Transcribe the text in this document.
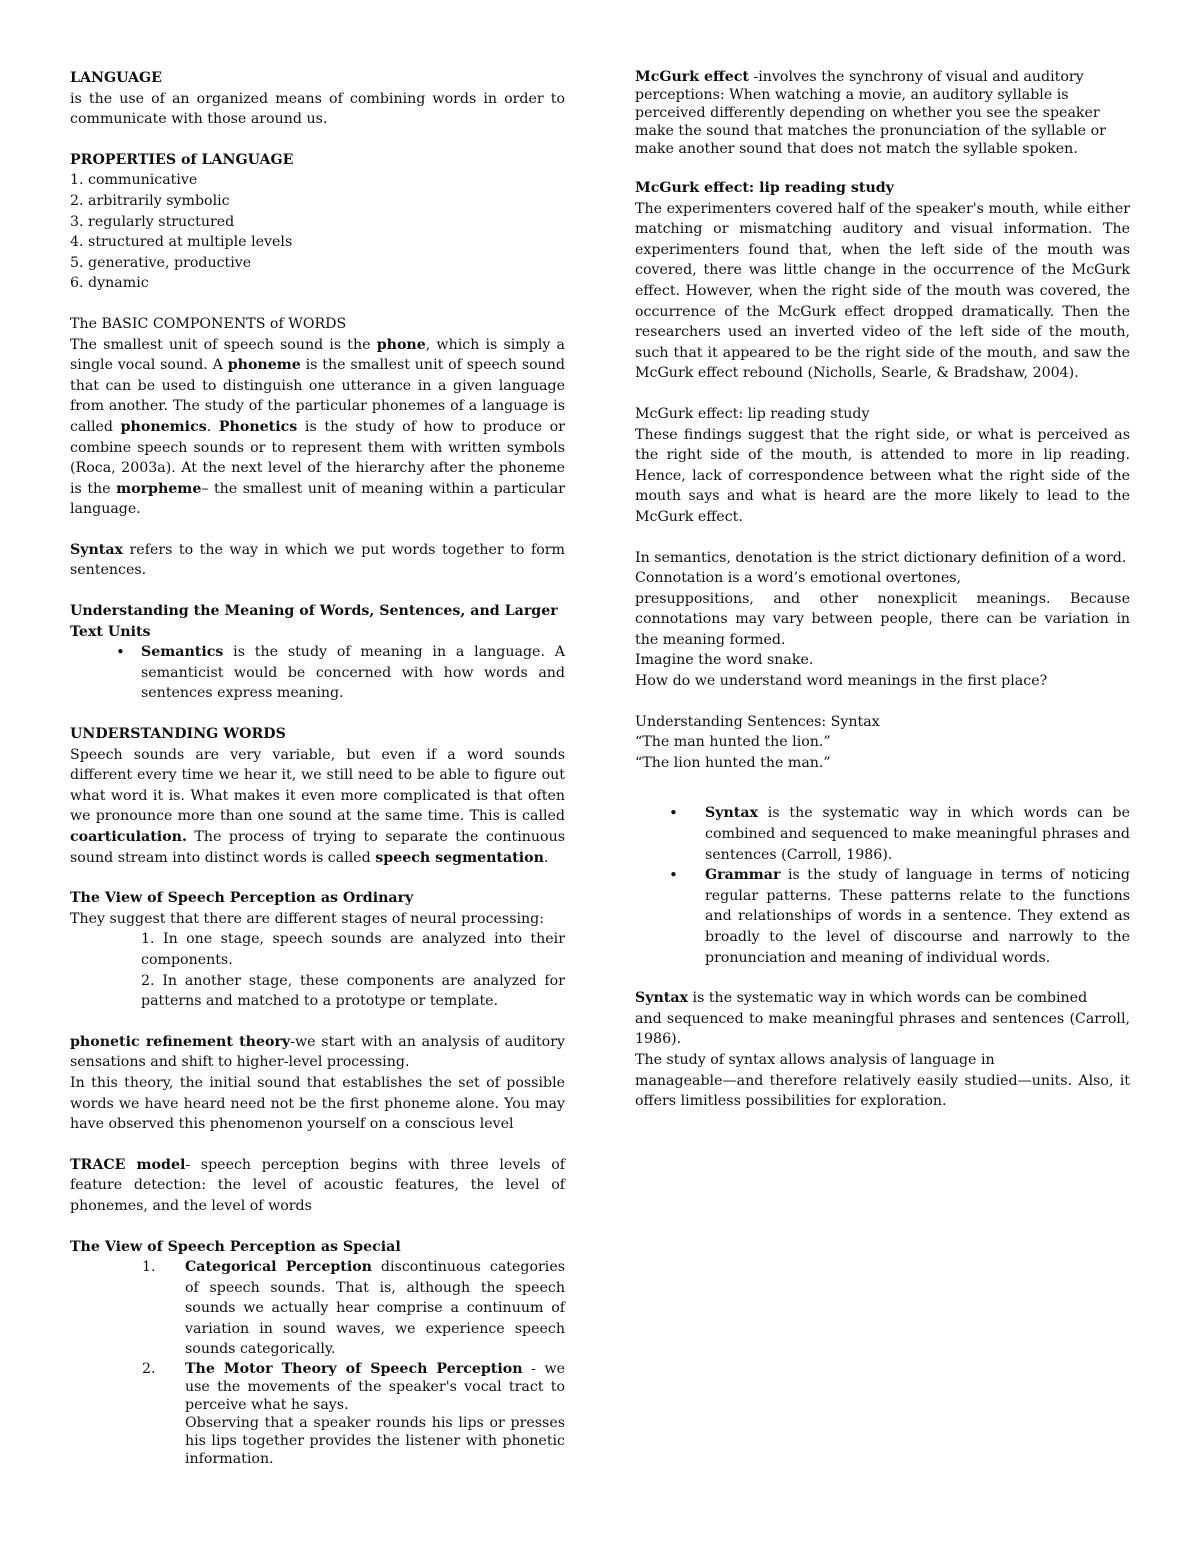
LANGUAGE

is the use of an organized means of combining words in order to communicate with those around us.

PROPERTIES of LANGUAGE

1. communicative

2. arbitrarily symbolic

3. regularly structured

4. structured at multiple levels

5. generative, productive

6. dynamic

The BASIC COMPONENTS of WORDS

The smallest unit of speech sound is the phone, which is simply a single vocal sound. A phoneme is the smallest unit of speech sound that can be used to distinguish one utterance in a given language from another. The study of the particular phonemes of a language is called phonemics. Phonetics is the study of how to produce or combine speech sounds or to represent them with written symbols (Roca, 2003a). At the next level of the hierarchy after the phoneme is the morpheme– the smallest unit of meaning within a particular language.

Syntax refers to the way in which we put words together to form sentences.

Understanding the Meaning of Words, Sentences, and Larger Text Units

• Semantics is the study of meaning in a language. A semanticist would be concerned with how words and sentences express meaning.

UNDERSTANDING WORDS

Speech sounds are very variable, but even if a word sounds different every time we hear it, we still need to be able to figure out what word it is. What makes it even more complicated is that often we pronounce more than one sound at the same time. This is called coarticulation. The process of trying to separate the continuous sound stream into distinct words is called speech segmentation.

The View of Speech Perception as Ordinary

They suggest that there are different stages of neural processing:

1. In one stage, speech sounds are analyzed into their components.

2. In another stage, these components are analyzed for patterns and matched to a prototype or template.

phonetic refinement theory-we start with an analysis of auditory sensations and shift to higher-level processing.

In this theory, the initial sound that establishes the set of possible words we have heard need not be the first phoneme alone. You may have observed this phenomenon yourself on a conscious level

TRACE model- speech perception begins with three levels of feature detection: the level of acoustic features, the level of phonemes, and the level of words

The View of Speech Perception as Special

1. Categorical Perception discontinuous categories of speech sounds. That is, although the speech sounds we actually hear comprise a continuum of variation in sound waves, we experience speech sounds categorically.
2. The Motor Theory of Speech Perception - we use the movements of the speaker's vocal tract to perceive what he says.
Observing that a speaker rounds his lips or presses his lips together provides the listener with phonetic information.

McGurk effect -involves the synchrony of visual and auditory perceptions: When watching a movie, an auditory syllable is perceived differently depending on whether you see the speaker make the sound that matches the pronunciation of the syllable or make another sound that does not match the syllable spoken.

McGurk effect: lip reading study

The experimenters covered half of the speaker's mouth, while either matching or mismatching auditory and visual information. The experimenters found that, when the left side of the mouth was covered, there was little change in the occurrence of the McGurk effect. However, when the right side of the mouth was covered, the occurrence of the McGurk effect dropped dramatically. Then the researchers used an inverted video of the left side of the mouth, such that it appeared to be the right side of the mouth, and saw the McGurk effect rebound (Nicholls, Searle, & Bradshaw, 2004).

McGurk effect: lip reading study

These findings suggest that the right side, or what is perceived as the right side of the mouth, is attended to more in lip reading. Hence, lack of correspondence between what the right side of the mouth says and what is heard are the more likely to lead to the McGurk effect.

In semantics, denotation is the strict dictionary definition of a word.

Connotation is a word’s emotional overtones,

presuppositions, and other nonexplicit meanings. Because connotations may vary between people, there can be variation in the meaning formed.

Imagine the word snake.

How do we understand word meanings in the first place?

Understanding Sentences: Syntax

“The man hunted the lion.”

“The lion hunted the man.”

• Syntax is the systematic way in which words can be combined and sequenced to make meaningful phrases and sentences (Carroll, 1986).
• Grammar is the study of language in terms of noticing regular patterns. These patterns relate to the functions and relationships of words in a sentence. They extend as broadly to the level of discourse and narrowly to the pronunciation and meaning of individual words.

Syntax is the systematic way in which words can be combined

and sequenced to make meaningful phrases and sentences (Carroll, 1986).

The study of syntax allows analysis of language in

manageable—and therefore relatively easily studied—units. Also, it offers limitless possibilities for exploration.
